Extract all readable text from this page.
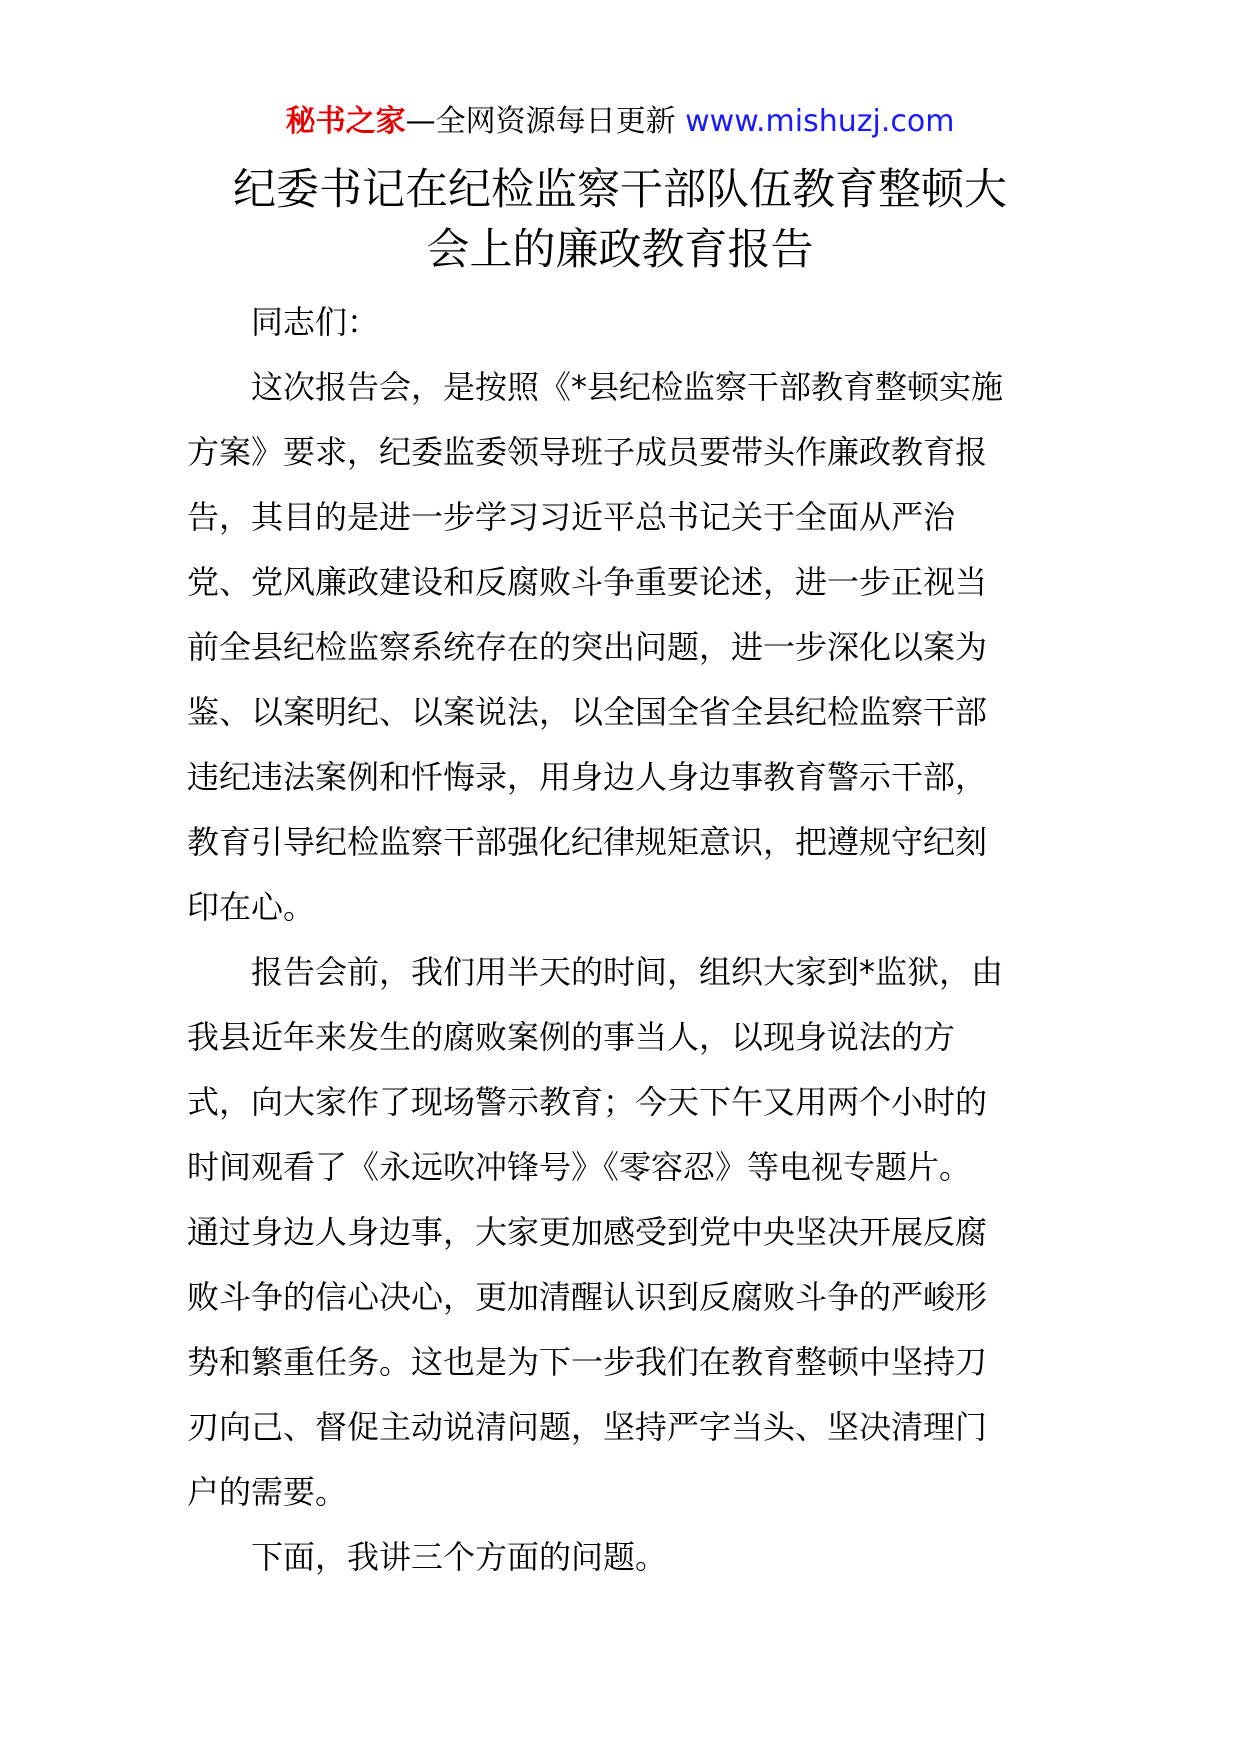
秘书之家—全网资源每日更新 www.mishuzj.com
纪委书记在纪检监察干部队伍教育整顿大
会上的廉政教育报告

同志们：

这次报告会，是按照《*县纪检监察干部教育整顿实施
方案》要求，纪委监委领导班子成员要带头作廉政教育报
告，其目的是进一步学习习近平总书记关于全面从严治
党、党风廉政建设和反腐败斗争重要论述，进一步正视当
前全县纪检监察系统存在的突出问题，进一步深化以案为
鉴、以案明纪、以案说法，以全国全省全县纪检监察干部
违纪违法案例和忏悔录，用身边人身边事教育警示干部，
教育引导纪检监察干部强化纪律规矩意识，把遵规守纪刻
印在心。

报告会前，我们用半天的时间，组织大家到*监狱，由
我县近年来发生的腐败案例的事当人，以现身说法的方
式，向大家作了现场警示教育；今天下午又用两个小时的
时间观看了《永远吹冲锋号》《零容忍》等电视专题片。
通过身边人身边事，大家更加感受到党中央坚决开展反腐
败斗争的信心决心，更加清醒认识到反腐败斗争的严峻形
势和繁重任务。这也是为下一步我们在教育整顿中坚持刀
刃向己、督促主动说清问题，坚持严字当头、坚决清理门
户的需要。

下面，我讲三个方面的问题。
